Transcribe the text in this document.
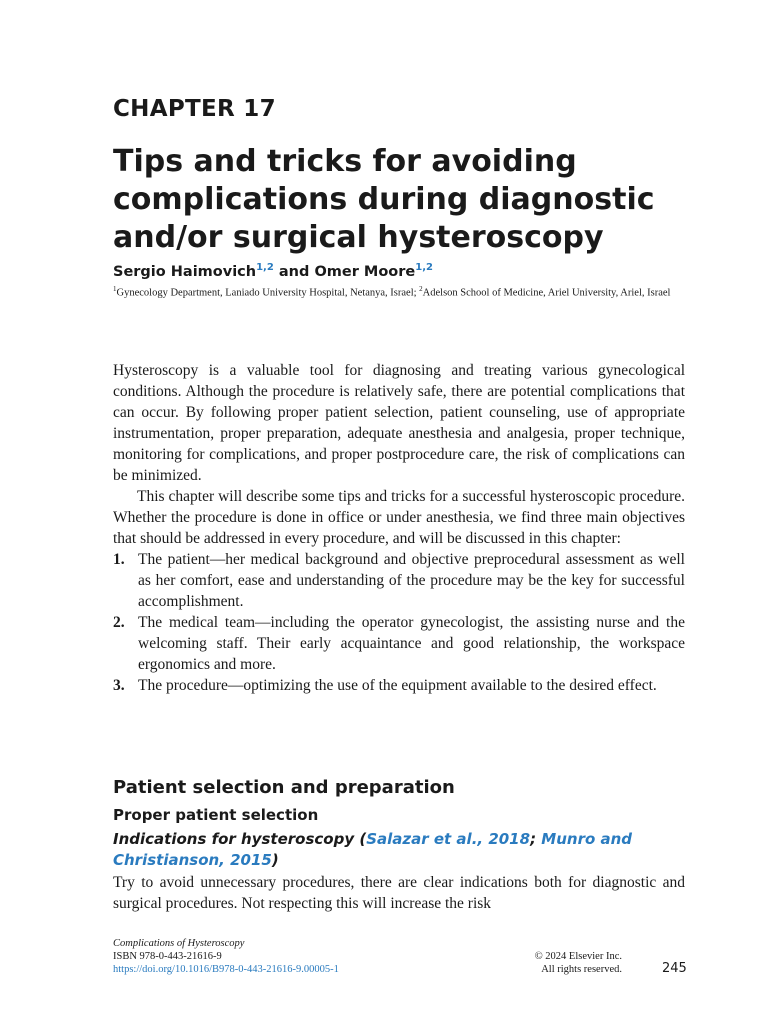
CHAPTER 17
Tips and tricks for avoiding complications during diagnostic and/or surgical hysteroscopy
Sergio Haimovich$^{1,2}$ and Omer Moore$^{1,2}$
$^1$Gynecology Department, Laniado University Hospital, Netanya, Israel; $^2$Adelson School of Medicine, Ariel University, Ariel, Israel

Hysteroscopy is a valuable tool for diagnosing and treating various gynecological conditions. Although the procedure is relatively safe, there are potential complications that can occur. By following proper patient selection, patient counseling, use of appropriate instrumentation, proper preparation, adequate anesthesia and analgesia, proper technique, monitoring for complications, and proper postprocedure care, the risk of complications can be minimized.

This chapter will describe some tips and tricks for a successful hysteroscopic procedure. Whether the procedure is done in office or under anesthesia, we find three main objectives that should be addressed in every procedure, and will be discussed in this chapter:

1. The patient—her medical background and objective preprocedural assessment as well as her comfort, ease and understanding of the procedure may be the key for successful accomplishment.
2. The medical team—including the operator gynecologist, the assisting nurse and the welcoming staff. Their early acquaintance and good relationship, the workspace ergonomics and more.
3. The procedure—optimizing the use of the equipment available to the desired effect.
Patient selection and preparation
Proper patient selection
Indications for hysteroscopy (Salazar et al., 2018; Munro and Christianson, 2015)

Try to avoid unnecessary procedures, there are clear indications both for diagnostic and surgical procedures. Not respecting this will increase the risk

Complications of Hysteroscopy
ISBN 978-0-443-21616-9
https://doi.org/10.1016/B978-0-443-21616-9.00005-1
© 2024 Elsevier Inc.
All rights reserved.	245
